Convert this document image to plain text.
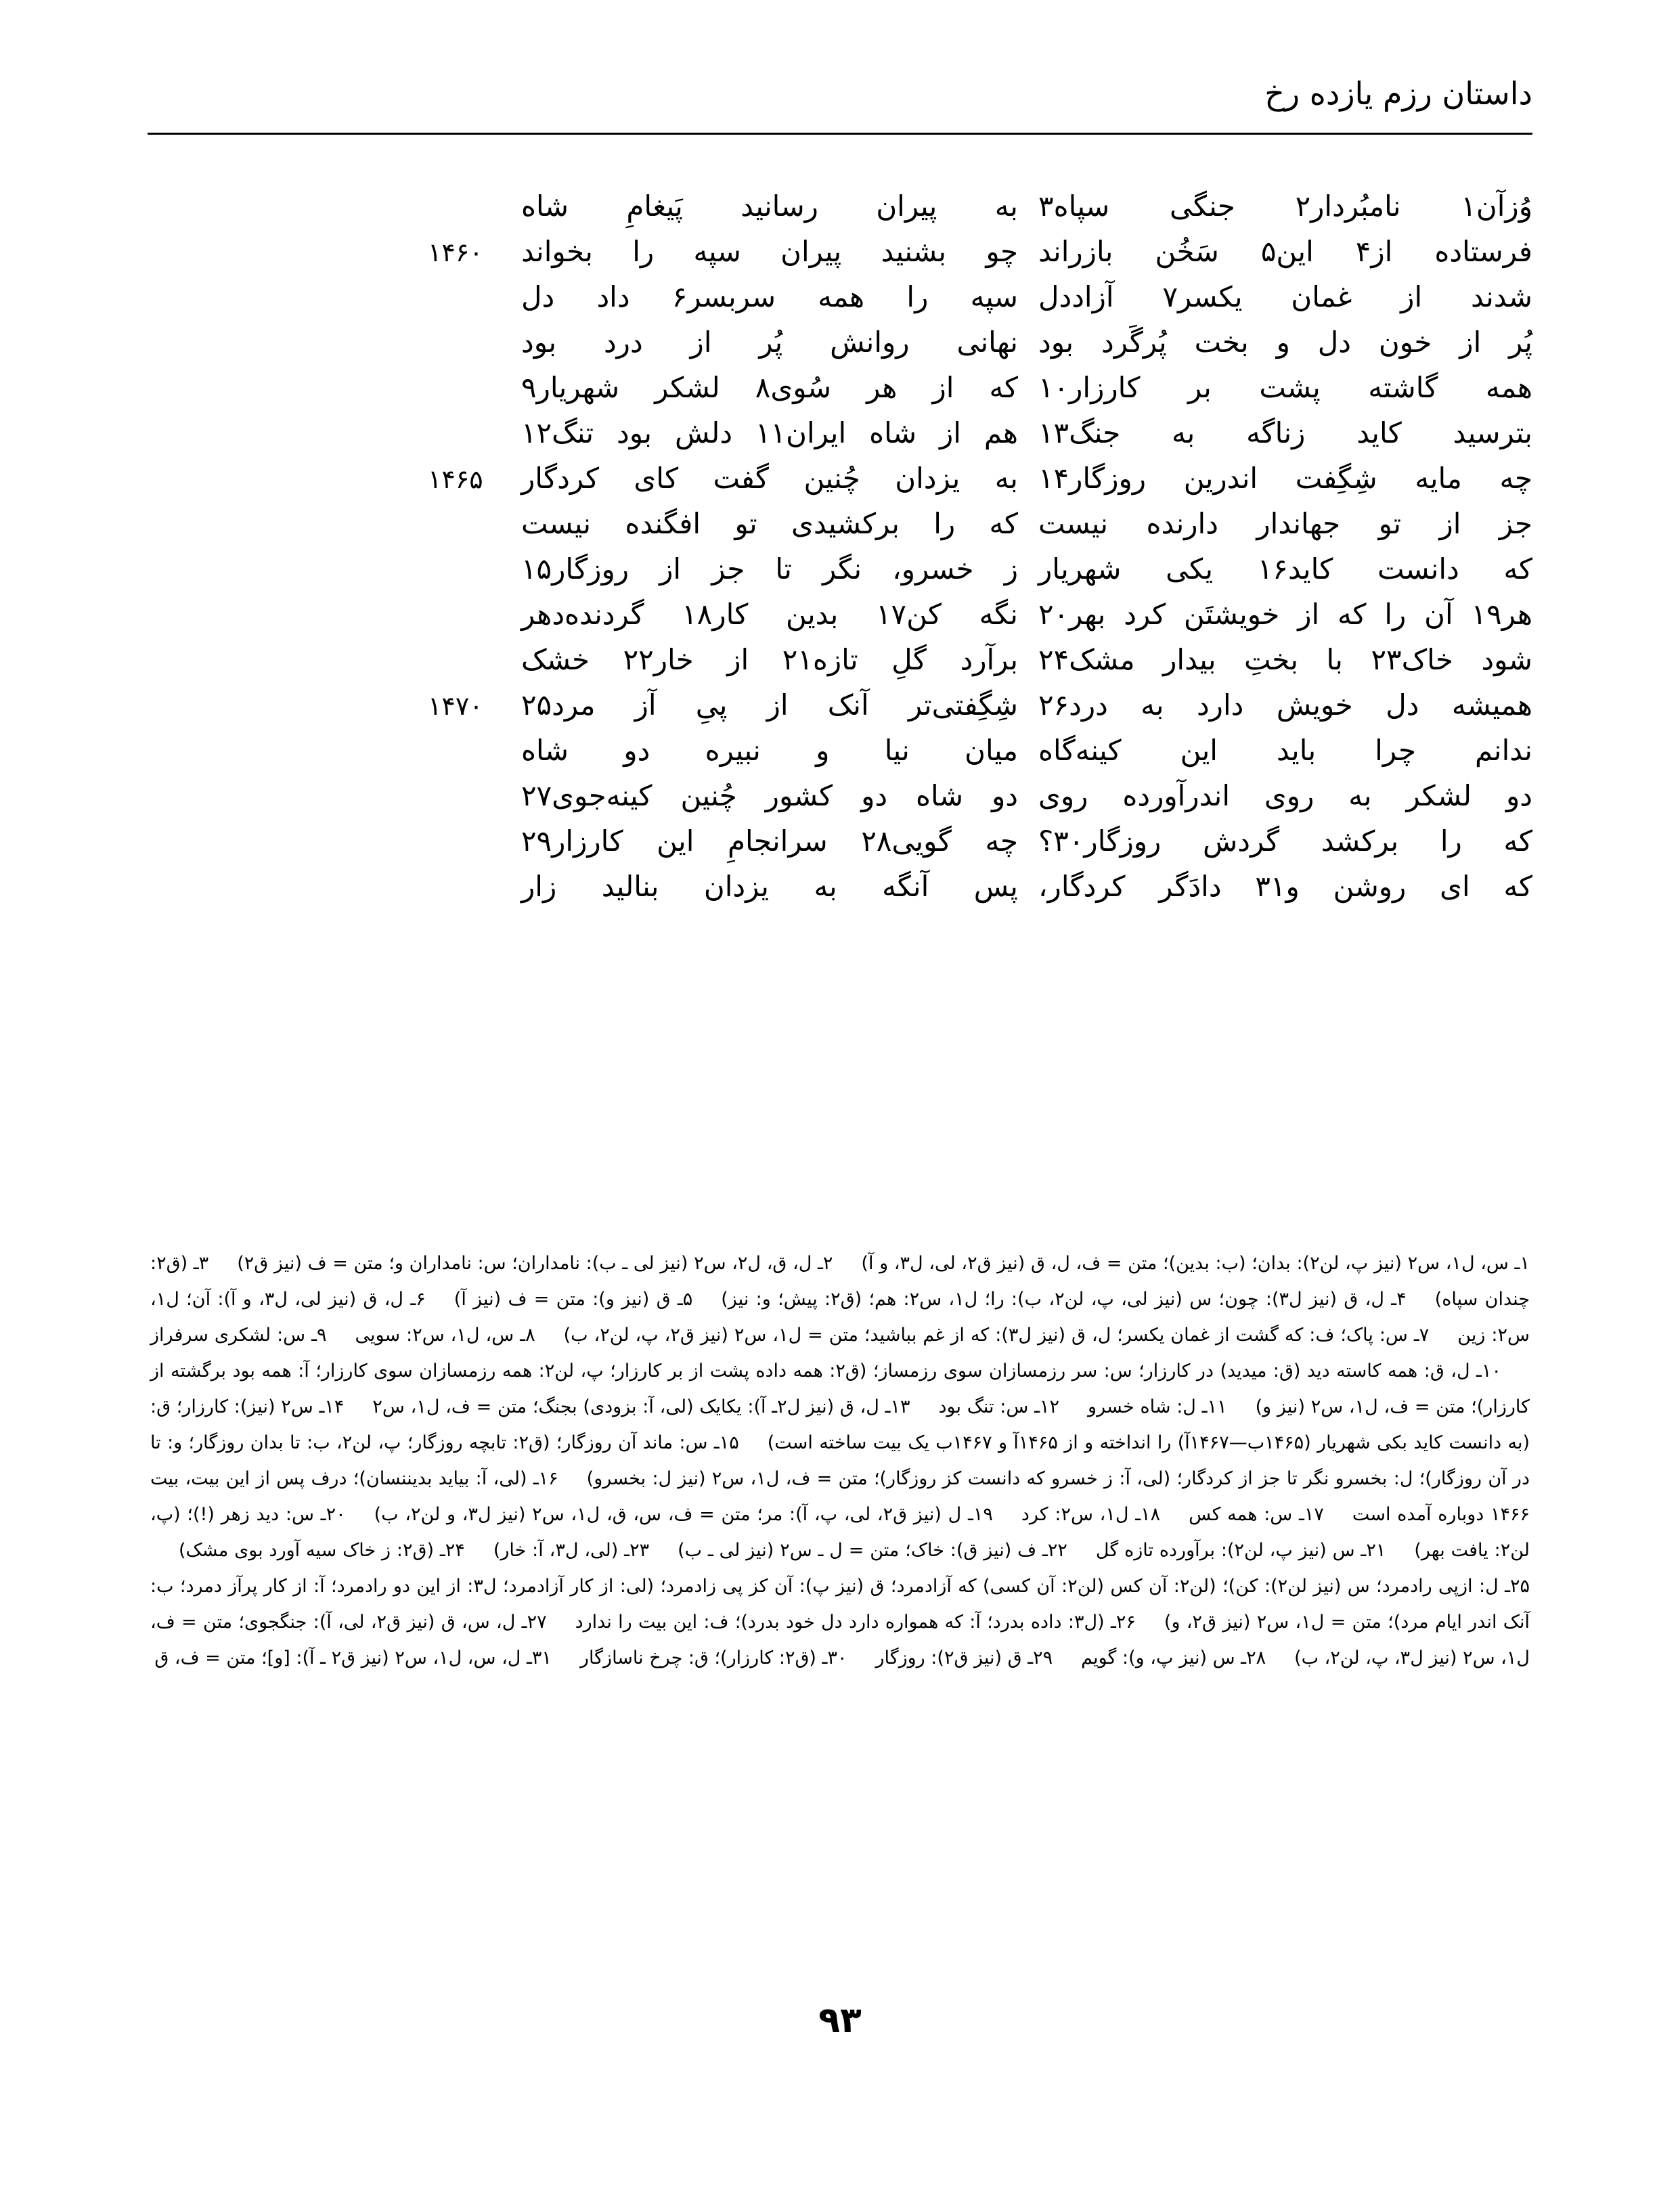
داستان رزم یازده رخ
وُزآن۱ نامبُردار۲ جنگی سپاه۳
به پیران رسانید پَیغامِ شاه
فرستاده از۴ این۵ سَخُن بازراند
چو بشنید پیران سپه را بخواند
۱۴۶۰
شدند از غمان یکسر۷ آزاددل
سپه را همه سربسر۶ داد دل
پُر از خون دل و بخت پُرگَرد بود
نهانی روانش پُر از درد بود
همه گاشته پشت بر کارزار۱۰
که از هر سُوی۸ لشکر شهریار۹
بترسید کاید زناگه به جنگ۱۳
هم از شاه ایران۱۱ دلش بود تنگ۱۲
چه مایه شِگِفت اندرین روزگار۱۴
به یزدان چُنین گفت کای کردگار
۱۴۶۵
جز از تو جهاندار دارنده نیست
که را برکشیدی تو افگنده نیست
که دانست کاید۱۶ یکی شهریار
ز خسرو، نگر تا جز از روزگار۱۵
هر۱۹ آن را که از خویشتَن کرد بهر۲۰
نگه کن۱۷ بدین کار۱۸ گردنده‌دهر
شود خاک۲۳ با بختِ بیدار مشک۲۴
برآرد گلِ تازه۲۱ از خار۲۲ خشک
همیشه دل خویش دارد به درد۲۶
شِگِفتی‌تر آنک از پیِ آز مرد۲۵
۱۴۷۰
ندانم چرا باید این کینه‌گاه
میان نیا و نبیره دو شاه
دو لشکر به روی اندرآورده روی
دو شاه دو کشور چُنین کینه‌جوی۲۷
که را برکشد گردش روزگار۳۰؟
چه گویی۲۸ سرانجامِ این کارزار۲۹
که ای روشن و۳۱ دادَگر کردگار،
پس آنگه به یزدان بنالید زار
۱ـ س، ل۱، س۲ (نیز پ، لن۲): بدان؛ (ب: بدین)؛ متن = ف، ل، ق (نیز ق۲، لی، ل۳، و آ)۲ـ ل، ق، ل۲، س۲ (نیز لی ـ ب): نامداران؛ س: نامداران و؛ متن = ف (نیز ق۲)۳ـ (ق۲: چندان سپاه)۴ـ ل، ق (نیز ل۳): چون؛ س (نیز لی، پ، لن۲، ب): را؛ ل۱، س۲: هم؛ (ق۲: پیش؛ و: نیز)۵ـ ق (نیز و): متن = ف (نیز آ)۶ـ ل، ق (نیز لی، ل۳، و آ): آن؛ ل۱، س۲: زین۷ـ س: پاک؛ ف: که گشت از غمان یکسر؛ ل، ق (نیز ل۳): که از غم بباشید؛ متن = ل۱، س۲ (نیز ق۲، پ، لن۲، ب)۸ـ س، ل۱، س۲: سویی۹ـ س: لشکری سرفراز۱۰ـ ل، ق: همه کاسته دید (ق: میدید) در کارزار؛ س: سر رزمسازان سوی رزمساز؛ (ق۲: همه داده پشت از بر کارزار؛ پ، لن۲: همه رزمسازان سوی کارزار؛ آ: همه بود برگشته از کارزار)؛ متن = ف، ل۱، س۲ (نیز و)۱۱ـ ل: شاه خسرو۱۲ـ س: تنگ بود۱۳ـ ل، ق (نیز ل۲ـ آ): یکایک (لی، آ: بزودی) بجنگ؛ متن = ف، ل۱، س۲۱۴ـ س۲ (نیز): کارزار؛ ق: (به دانست کاید بکی شهریار (۱۴۶۵ب—۱۴۶۷آ) را انداخته و از ۱۴۶۵آ و ۱۴۶۷ب یک بیت ساخته است)۱۵ـ س: ماند آن روزگار؛ (ق۲: تابچه روزگار؛ پ، لن۲، ب: تا بدان روزگار؛ و: تا در آن روزگار)؛ ل: بخسرو نگر تا جز از کردگار؛ (لی، آ: ز خسرو که دانست کز روزگار)؛ متن = ف، ل۱، س۲ (نیز ل: بخسرو)۱۶ـ (لی، آ: بیاید بدیننسان)؛ درف پس از این بیت، بیت ۱۴۶۶ دوباره آمده است۱۷ـ س: همه کس۱۸ـ ل۱، س۲: کرد۱۹ـ ل (نیز ق۲، لی، پ، آ): مر؛ متن = ف، س، ق، ل۱، س۲ (نیز ل۳، و لن۲، ب)۲۰ـ س: دید زهر (!)؛ (پ، لن۲: یافت بهر)۲۱ـ س (نیز پ، لن۲): برآورده تازه گل۲۲ـ ف (نیز ق): خاک؛ متن = ل ـ س۲ (نیز لی ـ ب)۲۳ـ (لی، ل۳، آ: خار)۲۴ـ (ق۲: ز خاک سیه آورد بوی مشک)۲۵ـ ل: ازپی رادمرد؛ س (نیز لن۲): کن)؛ (لن۲: آن کس (لن۲: آن کسی) که آزادمرد؛ ق (نیز پ): آن کز پی زادمرد؛ (لی: از کار آزادمرد؛ ل۳: از این دو رادمرد؛ آ: از کار پرآز دمرد؛ ب: آنک اندر ایام مرد)؛ متن = ل۱، س۲ (نیز ق۲، و)۲۶ـ (ل۳: داده بدرد؛ آ: که همواره دارد دل خود بدرد)؛ ف: این بیت را ندارد۲۷ـ ل، س، ق (نیز ق۲، لی، آ): جنگجوی؛ متن = ف، ل۱، س۲ (نیز ل۳، پ، لن۲، ب)۲۸ـ س (نیز پ، و): گویم۲۹ـ ق (نیز ق۲): روزگار۳۰ـ (ق۲: کارزار)؛ ق: چرخ ناسازگار۳۱ـ ل، س، ل۱، س۲ (نیز ق۲ ـ آ): [و]؛ متن = ف، ق
۹۳
